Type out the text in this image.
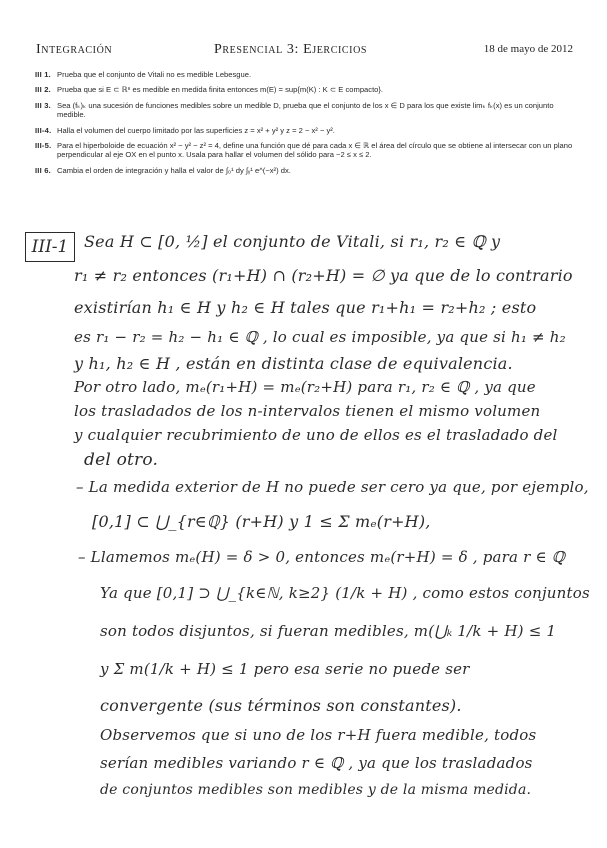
Integración	Presencial 3: Ejercicios	18 de mayo de 2012
III 1. Prueba que el conjunto de Vitali no es medible Lebesgue.
III 2. Prueba que si E ⊂ ℝⁿ es medible en medida finita entonces m(E) = sup{m(K) : K ⊂ E compacto}.
III 3. Sea (fₖ)ₖ una sucesión de funciones medibles sobre un medible D, prueba que el conjunto de los x ∈ D para los que existe limₖ fₖ(x) es un conjunto medible.
III-4. Halla el volumen del cuerpo limitado por las superficies z = x² + y² y z = 2 − x² − y².
III-5. Para el hiperboloide de ecuación x² − y² − z² = 4, define una función que dé para cada x ∈ ℝ el área del círculo que se obtiene al intersecar con un plano perpendicular al eje OX en el punto x. Usala para hallar el volumen del sólido para −2 ≤ x ≤ 2.
III 6. Cambia el orden de integración y halla el valor de ∫₀¹ dy ∫ᵧ¹ e^(−x²) dx.
III-1 Sea H ⊂ [0, ½] el conjunto de Vitali, si r₁, r₂ ∈ ℚ y
r₁ ≠ r₂ entonces (r₁+H) ∩ (r₂+H) = ∅ ya que de lo contrario
existirían h₁ ∈ H y h₂ ∈ H tales que r₁+h₁ = r₂+h₂ ; esto
es r₁ − r₂ = h₂ − h₁ ∈ ℚ , lo cual es imposible, ya que si h₁ ≠ h₂
y h₁, h₂ ∈ H , están en distinta clase de equivalencia.
Por otro lado, mₑ(r₁+H) = mₑ(r₂+H) para r₁, r₂ ∈ ℚ , ya que
los trasladados de los n-intervalos tienen el mismo volumen
y cualquier recubrimiento de uno de ellos es el trasladado del
del otro.
– La medida exterior de H no puede ser cero ya que, por ejemplo,
[0,1] ⊂ ⋃_{r∈ℚ} (r+H) y 1 ≤ Σ mₑ(r+H),
– Llamemos mₑ(H) = δ > 0, entonces mₑ(r+H) = δ , para r ∈ ℚ
Ya que [0,1] ⊃ ⋃_{k∈ℕ, k≥2} (1/k + H) , como estos conjuntos
son todos disjuntos, si fueran medibles, m(⋃ₖ 1/k + H) ≤ 1
y Σ m(1/k + H) ≤ 1 pero esa serie no puede ser
convergente (sus términos son constantes).
Observemos que si uno de los r+H fuera medible, todos
serían medibles variando r ∈ ℚ , ya que los trasladados
de conjuntos medibles son medibles y de la misma medida.
